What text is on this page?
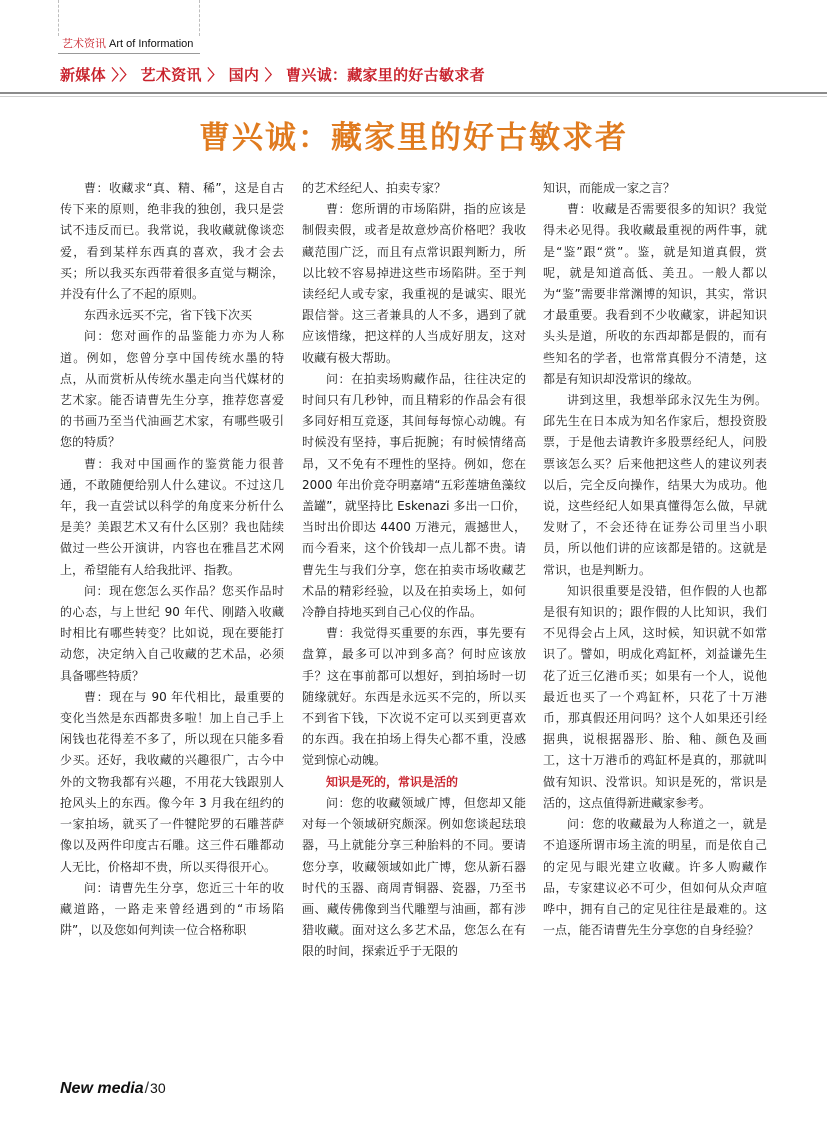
艺术资讯 Art of Information
新媒体 〉〉 艺术资讯 〉 国内 〉 曹兴诚：藏家里的好古敏求者
曹兴诚：藏家里的好古敏求者

曹：收藏求“真、精、稀”，这是自古传下来的原则，绝非我的独创，我只是尝试不违反而已。我常说，我收藏就像谈恋爱，看到某样东西真的喜欢，我才会去买；所以我买东西带着很多直觉与糊涂，并没有什么了不起的原则。

东西永远买不完，省下钱下次买

问：您对画作的品鉴能力亦为人称道。例如，您曾分享中国传统水墨的特点，从而赏析从传统水墨走向当代媒材的艺术家。能否请曹先生分享，推荐您喜爱的书画乃至当代油画艺术家，有哪些吸引您的特质？

曹：我对中国画作的鉴赏能力很普通，不敢随便给别人什么建议。不过这几年，我一直尝试以科学的角度来分析什么是美？美跟艺术又有什么区别？我也陆续做过一些公开演讲，内容也在雅昌艺术网上，希望能有人给我批评、指教。

问：现在您怎么买作品？您买作品时的心态，与上世纪 90 年代、刚踏入收藏时相比有哪些转变？比如说，现在要能打动您，决定纳入自己收藏的艺术品，必须具备哪些特质？

曹：现在与 90 年代相比，最重要的变化当然是东西都贵多啦！加上自己手上闲钱也花得差不多了，所以现在只能多看少买。还好，我收藏的兴趣很广，古今中外的文物我都有兴趣，不用花大钱跟别人抢风头上的东西。像今年 3 月我在纽约的一家拍场，就买了一件犍陀罗的石雕菩萨像以及两件印度古石雕。这三件石雕都动人无比，价格却不贵，所以买得很开心。

问：请曹先生分享，您近三十年的收藏道路，一路走来曾经遇到的“市场陷阱”，以及您如何判读一位合格称职

的艺术经纪人、拍卖专家？

曹：您所谓的市场陷阱，指的应该是制假卖假，或者是故意炒高价格吧？我收藏范围广泛，而且有点常识跟判断力，所以比较不容易掉进这些市场陷阱。至于判读经纪人或专家，我重视的是诚实、眼光跟信誉。这三者兼具的人不多，遇到了就应该惜缘，把这样的人当成好朋友，这对收藏有极大帮助。

问：在拍卖场购藏作品，往往决定的时间只有几秒钟，而且精彩的作品会有很多同好相互竞逐，其间每每惊心动魄。有时候没有坚持，事后扼腕；有时候情绪高昂，又不免有不理性的坚持。例如，您在 2000 年出价竞夺明嘉靖“五彩莲塘鱼藻纹盖罐”，就坚持比 Eskenazi 多出一口价，当时出价即达 4400 万港元，震撼世人，而今看来，这个价钱却一点儿都不贵。请曹先生与我们分享，您在拍卖市场收藏艺术品的精彩经验，以及在拍卖场上，如何冷静自持地买到自己心仪的作品。

曹：我觉得买重要的东西，事先要有盘算，最多可以冲到多高？何时应该放手？这在事前都可以想好，到拍场时一切随缘就好。东西是永远买不完的，所以买不到省下钱，下次说不定可以买到更喜欢的东西。我在拍场上得失心都不重，没感觉到惊心动魄。

知识是死的，常识是活的

问：您的收藏领域广博，但您却又能对每一个领域研究颇深。例如您谈起珐琅器，马上就能分享三种胎料的不同。要请您分享，收藏领域如此广博，您从新石器时代的玉器、商周青铜器、瓷器，乃至书画、藏传佛像到当代雕塑与油画，都有涉猎收藏。面对这么多艺术品，您怎么在有限的时间，探索近乎于无限的

知识，而能成一家之言？

曹：收藏是否需要很多的知识？我觉得未必见得。我收藏最重视的两件事，就是“鉴”跟“赏”。鉴，就是知道真假，赏呢，就是知道高低、美丑。一般人都以为“鉴”需要非常渊博的知识，其实，常识才最重要。我看到不少收藏家，讲起知识头头是道，所收的东西却都是假的，而有些知名的学者，也常常真假分不清楚，这都是有知识却没常识的缘故。

讲到这里，我想举邱永汉先生为例。邱先生在日本成为知名作家后，想投资股票，于是他去请教许多股票经纪人，问股票该怎么买？后来他把这些人的建议列表以后，完全反向操作，结果大为成功。他说，这些经纪人如果真懂得怎么做，早就发财了，不会还待在证券公司里当小职员，所以他们讲的应该都是错的。这就是常识，也是判断力。

知识很重要是没错，但作假的人也都是很有知识的；跟作假的人比知识，我们不见得会占上风，这时候，知识就不如常识了。譬如，明成化鸡缸杯，刘益谦先生花了近三亿港币买；如果有一个人，说他最近也买了一个鸡缸杯，只花了十万港币，那真假还用问吗？这个人如果还引经据典，说根据器形、胎、釉、颜色及画工，这十万港币的鸡缸杯是真的，那就叫做有知识、没常识。知识是死的，常识是活的，这点值得新进藏家参考。

问：您的收藏最为人称道之一，就是不追逐所谓市场主流的明星，而是依自己的定见与眼光建立收藏。许多人购藏作品，专家建议必不可少，但如何从众声喧哗中，拥有自己的定见往往是最难的。这一点，能否请曹先生分享您的自身经验？

New media/30
